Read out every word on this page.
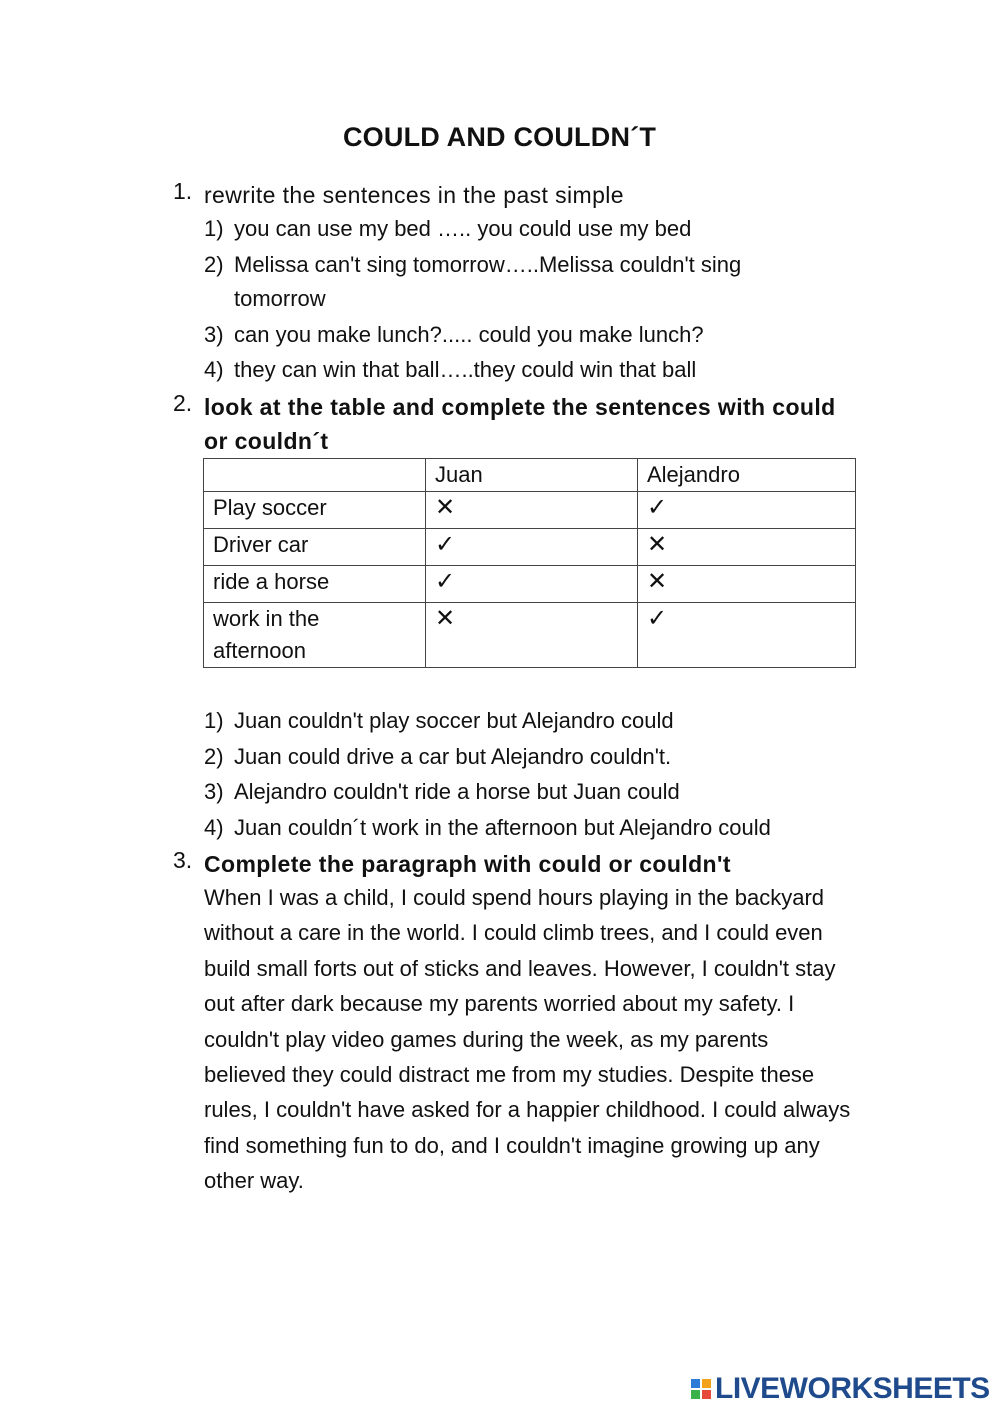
COULD AND COULDN´T
1. rewrite the sentences in the past simple
1) you can use my bed ….. you could use my bed
2) Melissa can't sing tomorrow…..Melissa couldn't sing tomorrow
3) can you make lunch?..... could you make lunch?
4) they can win that ball…..they could win that ball
2. look at the table and complete the sentences with could or couldn´t
	Juan	Alejandro
Play soccer	✕	✓
Driver car	✓	✕
ride a horse	✓	✕
work in the afternoon	✕	✓
1) Juan couldn't play soccer but Alejandro could
2) Juan could drive a car but Alejandro couldn't.
3) Alejandro couldn't ride a horse but Juan could
4) Juan couldn´t work in the afternoon but Alejandro could
3. Complete the paragraph with could or couldn't
When I was a child, I could spend hours playing in the backyard without a care in the world. I could climb trees, and I could even build small forts out of sticks and leaves. However, I couldn't stay out after dark because my parents worried about my safety. I couldn't play video games during the week, as my parents believed they could distract me from my studies. Despite these rules, I couldn't have asked for a happier childhood. I could always find something fun to do, and I couldn't imagine growing up any other way.
LIVEWORKSHEETS
